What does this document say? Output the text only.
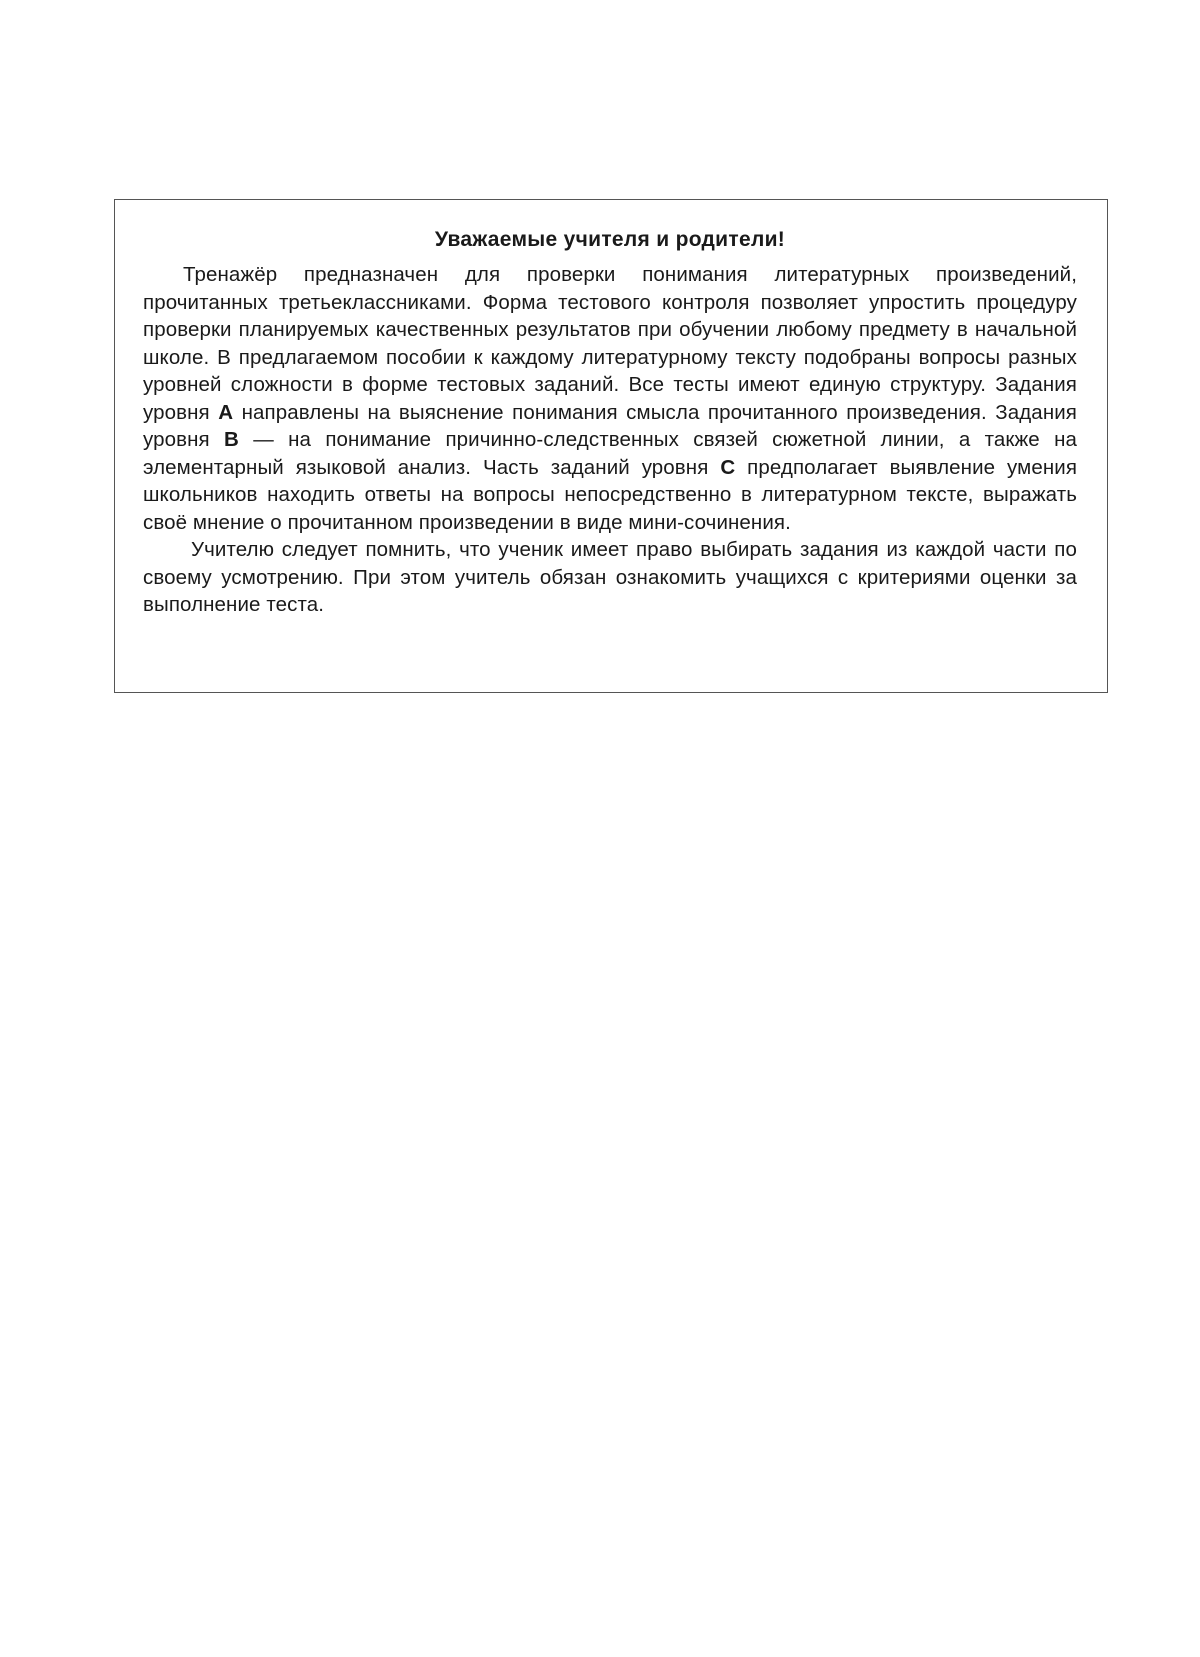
Уважаемые учителя и родители!

Тренажёр предназначен для проверки понимания литературных произведений, прочитанных третьеклассниками. Форма тестового контроля позволяет упростить процедуру проверки планируемых качественных результатов при обучении любому предмету в начальной школе. В предлагаемом пособии к каждому литературному тексту подобраны вопросы разных уровней сложности в форме тестовых заданий. Все тесты имеют единую структуру. Задания уровня А направлены на выяснение понимания смысла прочитанного произведения. Задания уровня В — на понимание причинно-следственных связей сюжетной линии, а также на элементарный языковой анализ. Часть заданий уровня С предполагает выявление умения школьников находить ответы на вопросы непосредственно в литературном тексте, выражать своё мнение о прочитанном произведении в виде мини-сочинения.

Учителю следует помнить, что ученик имеет право выбирать задания из каждой части по своему усмотрению. При этом учитель обязан ознакомить учащихся с критериями оценки за выполнение теста.
